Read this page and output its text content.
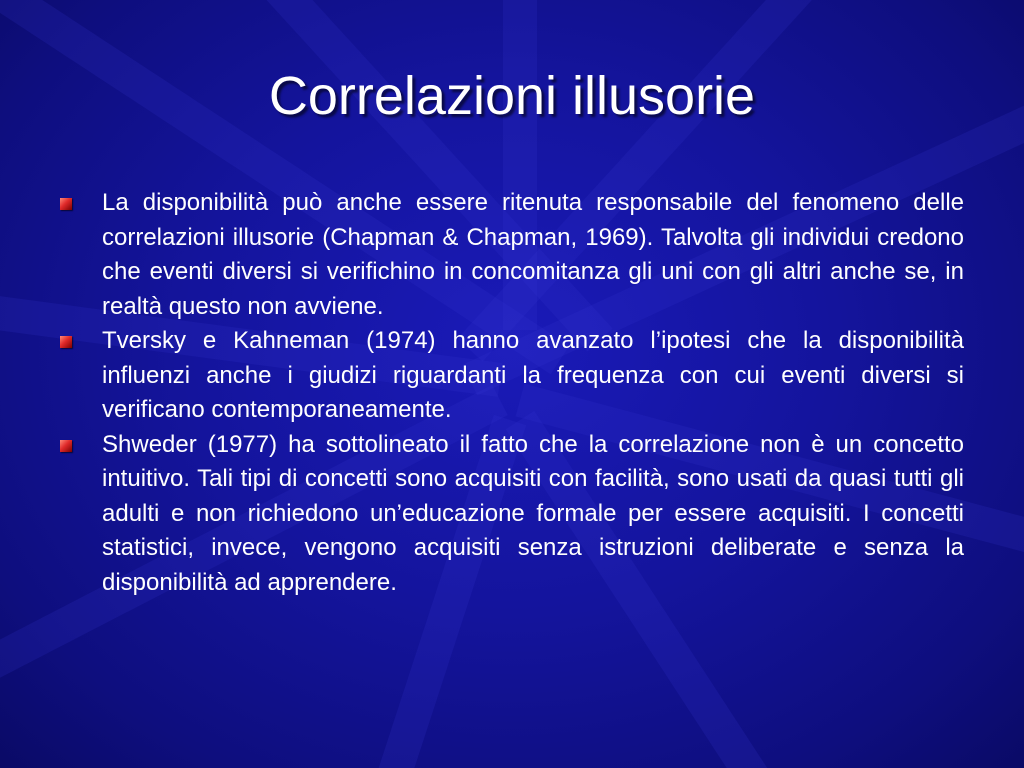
Correlazioni illusorie
La disponibilità può anche essere ritenuta responsabile del fenomeno delle correlazioni illusorie (Chapman & Chapman, 1969). Talvolta gli individui credono che eventi diversi si verifichino in concomitanza gli uni con gli altri anche se, in realtà questo non avviene.
Tversky e Kahneman (1974) hanno avanzato l’ipotesi che la disponibilità influenzi anche i giudizi riguardanti la frequenza con cui eventi diversi si verificano contemporaneamente.
Shweder (1977) ha sottolineato il fatto che la correlazione non è un concetto intuitivo. Tali tipi di concetti sono acquisiti con facilità, sono usati da quasi tutti gli adulti e non richiedono un’educazione formale per essere acquisiti. I concetti statistici, invece, vengono acquisiti senza istruzioni deliberate e senza la disponibilità ad apprendere.
